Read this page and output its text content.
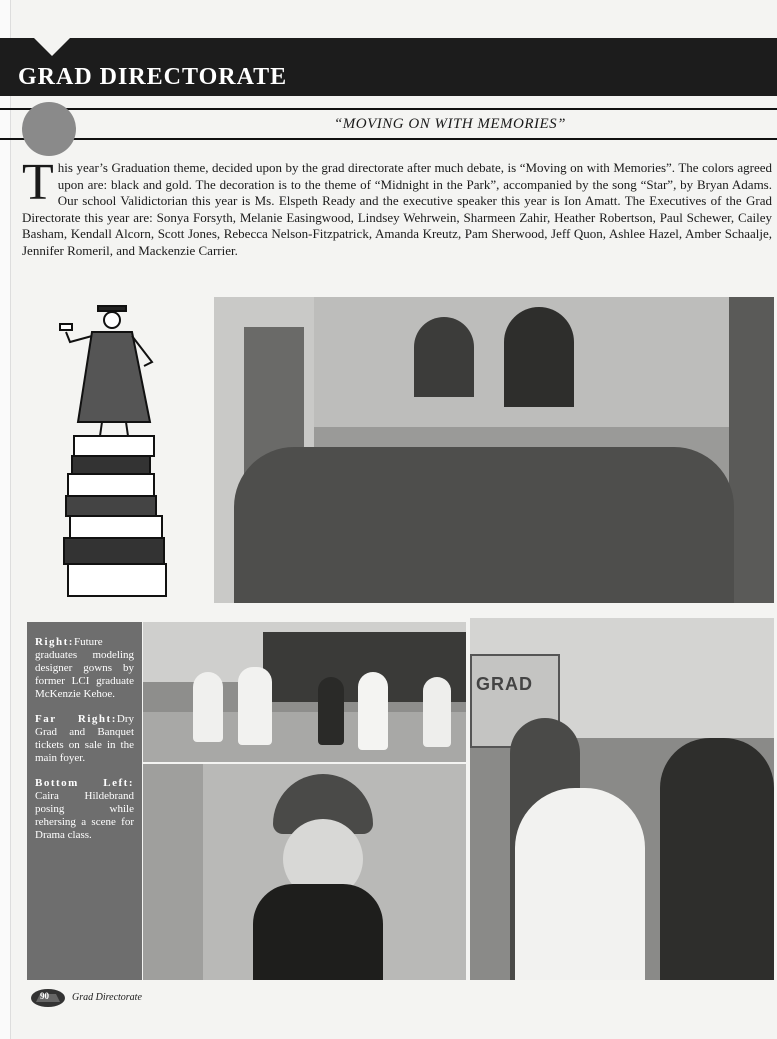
GRAD DIRECTORATE
“MOVING ON WITH MEMORIES”
This year’s Graduation theme, decided upon by the grad directorate after much debate, is “Moving on with Memories”. The colors agreed upon are: black and gold. The decoration is to the theme of “Midnight in the Park”, accompanied by the song “Star”, by Bryan Adams. Our school Validictorian this year is Ms. Elspeth Ready and the executive speaker this year is Ion Amatt. The Executives of the Grad Directorate this year are: Sonya Forsyth, Melanie Easingwood, Lindsey Wehrwein, Sharmeen Zahir, Heather Robertson, Paul Schewer, Cailey Basham, Kendall Alcorn, Scott Jones, Rebecca Nelson-Fitzpatrick, Amanda Kreutz, Pam Sherwood, Jeff Quon, Ashlee Hazel, Amber Schaalje, Jennifer Romeril, and Mackenzie Carrier.

Right:Future graduates modeling designer gowns by former LCI graduate McKenzie Kehoe.

Far Right:Dry Grad and Banquet tickets on sale in the main foyer.

Bottom Left: Caira Hildebrand posing while rehersing a scene for Drama class.

GRAD
90 Grad Directorate
